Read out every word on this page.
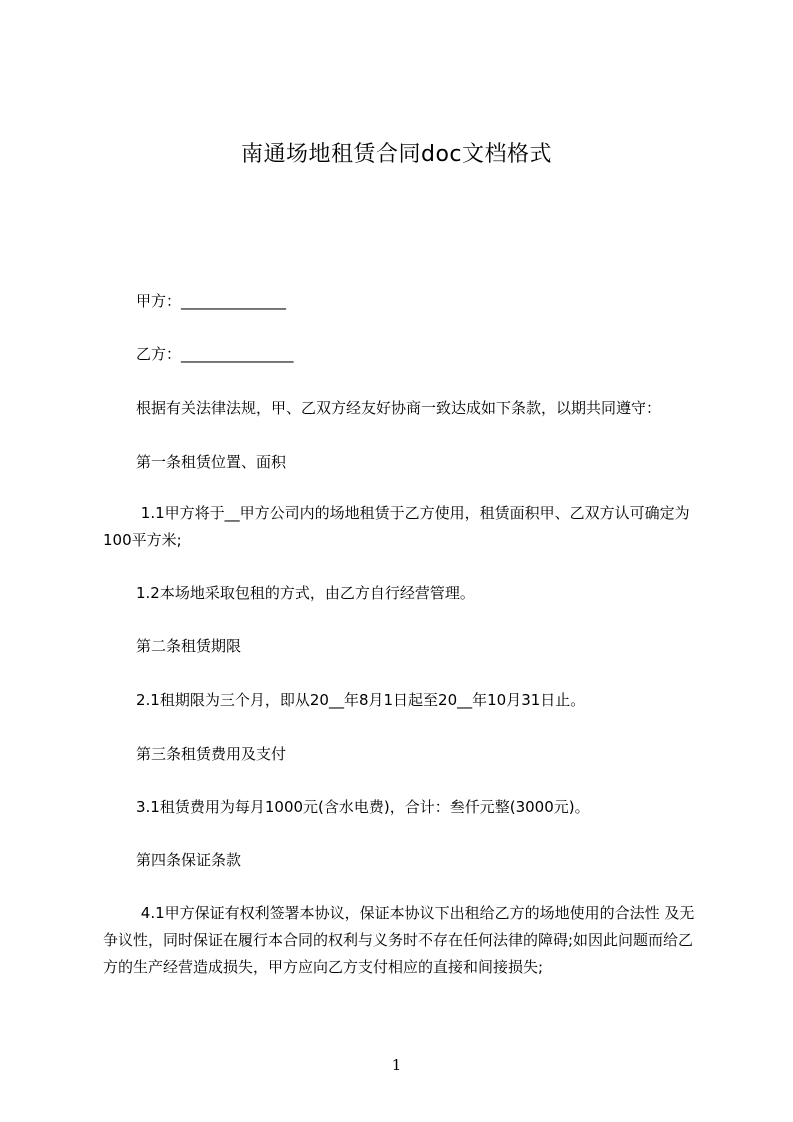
南通场地租赁合同doc文档格式
甲方：______________
乙方：_______________
根据有关法律法规，甲、乙双方经友好协商一致达成如下条款，以期共同遵守：
第一条租赁位置、面积
1.1甲方将于__甲方公司内的场地租赁于乙方使用，租赁面积甲、乙双方认可确定为100平方米;
1.2本场地采取包租的方式，由乙方自行经营管理。
第二条租赁期限
2.1租期限为三个月，即从20__年8月1日起至20__年10月31日止。
第三条租赁费用及支付
3.1租赁费用为每月1000元(含水电费)，合计：叁仟元整(3000元)。
第四条保证条款
4.1甲方保证有权利签署本协议，保证本协议下出租给乙方的场地使用的合法性 及无争议性，同时保证在履行本合同的权利与义务时不存在任何法律的障碍;如因此问题而给乙方的生产经营造成损失，甲方应向乙方支付相应的直接和间接损失;
1
